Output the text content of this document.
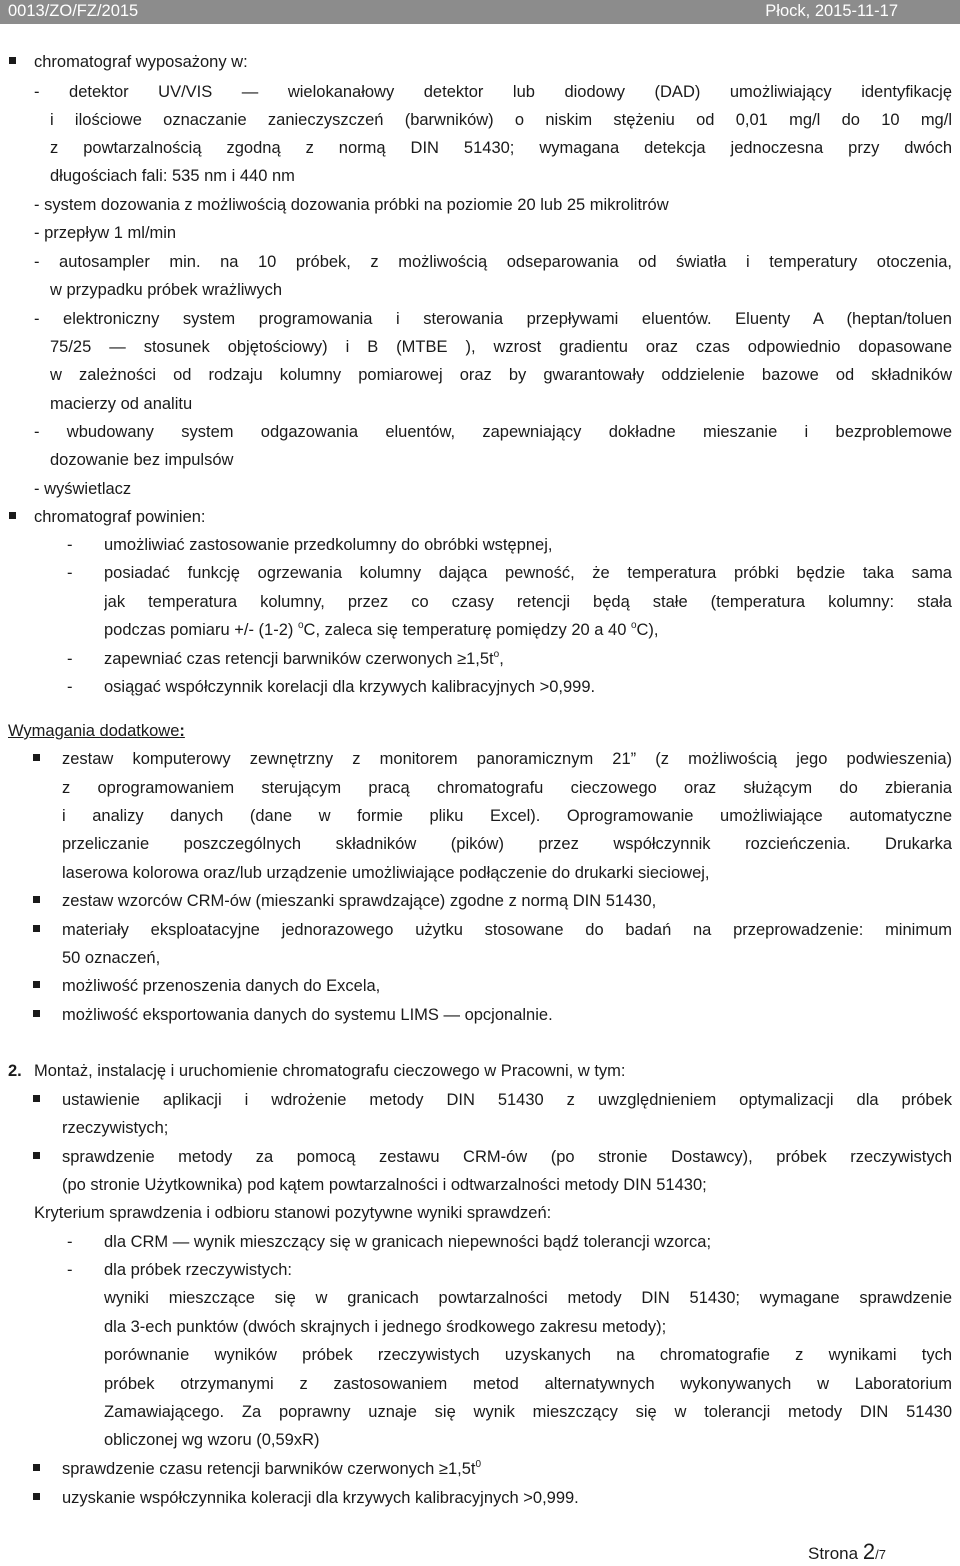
0013/ZO/FZ/2015	Płock, 2015-11-17
chromatograf wyposażony w:
- detektor UV/VIS — wielokanałowy detektor lub diodowy (DAD) umożliwiający identyfikację
i ilościowe oznaczanie zanieczyszczeń (barwników) o niskim stężeniu od 0,01 mg/l do 10 mg/l
z powtarzalnością zgodną z normą DIN 51430; wymagana detekcja jednoczesna przy dwóch
długościach fali: 535 nm i 440 nm
- system dozowania z możliwością dozowania próbki na poziomie 20 lub 25 mikrolitrów
- przepływ 1 ml/min
- autosampler min. na 10 próbek, z możliwością odseparowania od światła i temperatury otoczenia,
w przypadku próbek wrażliwych
- elektroniczny system programowania i sterowania przepływami eluentów. Eluenty A (heptan/toluen
75/25 — stosunek objętościowy) i B (MTBE ), wzrost gradientu oraz czas odpowiednio dopasowane
w zależności od rodzaju kolumny pomiarowej oraz by gwarantowały oddzielenie bazowe od składników
macierzy od analitu
- wbudowany system odgazowania eluentów, zapewniający dokładne mieszanie i bezproblemowe
dozowanie bez impulsów
- wyświetlacz
chromatograf powinien:
- umożliwiać zastosowanie przedkolumny do obróbki wstępnej,
- posiadać funkcję ogrzewania kolumny dająca pewność, że temperatura próbki będzie taka sama
jak temperatura kolumny, przez co czasy retencji będą stałe (temperatura kolumny: stała
podczas pomiaru +/- (1-2) $^o$C, zaleca się temperaturę pomiędzy 20 a 40 $^o$C),
- zapewniać czas retencji barwników czerwonych $\ge 1,5t^o$,
- osiągać współczynnik korelacji dla krzywych kalibracyjnych >0,999.
Wymagania dodatkowe:
zestaw komputerowy zewnętrzny z monitorem panoramicznym 21” (z możliwością jego podwieszenia)
z oprogramowaniem sterującym pracą chromatografu cieczowego oraz służącym do zbierania
i analizy danych (dane w formie pliku Excel). Oprogramowanie umożliwiające automatyczne
przeliczanie poszczególnych składników (pików) przez współczynnik rozcieńczenia. Drukarka
laserowa kolorowa oraz/lub urządzenie umożliwiające podłączenie do drukarki sieciowej,
zestaw wzorców CRM-ów (mieszanki sprawdzające) zgodne z normą DIN 51430,
materiały eksploatacyjne jednorazowego użytku stosowane do badań na przeprowadzenie: minimum
50 oznaczeń,
możliwość przenoszenia danych do Excela,
możliwość eksportowania danych do systemu LIMS — opcjonalnie.
2. Montaż, instalację i uruchomienie chromatografu cieczowego w Pracowni, w tym:
ustawienie aplikacji i wdrożenie metody DIN 51430 z uwzględnieniem optymalizacji dla próbek
rzeczywistych;
sprawdzenie metody za pomocą zestawu CRM-ów (po stronie Dostawcy), próbek rzeczywistych
(po stronie Użytkownika) pod kątem powtarzalności i odtwarzalności metody DIN 51430;
Kryterium sprawdzenia i odbioru stanowi pozytywne wyniki sprawdzeń:
- dla CRM — wynik mieszczący się w granicach niepewności bądź tolerancji wzorca;
- dla próbek rzeczywistych:
wyniki mieszczące się w granicach powtarzalności metody DIN 51430; wymagane sprawdzenie
dla 3-ech punktów (dwóch skrajnych i jednego środkowego zakresu metody);
porównanie wyników próbek rzeczywistych uzyskanych na chromatografie z wynikami tych
próbek otrzymanymi z zastosowaniem metod alternatywnych wykonywanych w Laboratorium
Zamawiającego. Za poprawny uznaje się wynik mieszczący się w tolerancji metody DIN 51430
obliczonej wg wzoru (0,59xR)
sprawdzenie czasu retencji barwników czerwonych $\ge 1,5t^0$
uzyskanie współczynnika koleracji dla krzywych kalibracyjnych >0,999.
Strona 2/7
